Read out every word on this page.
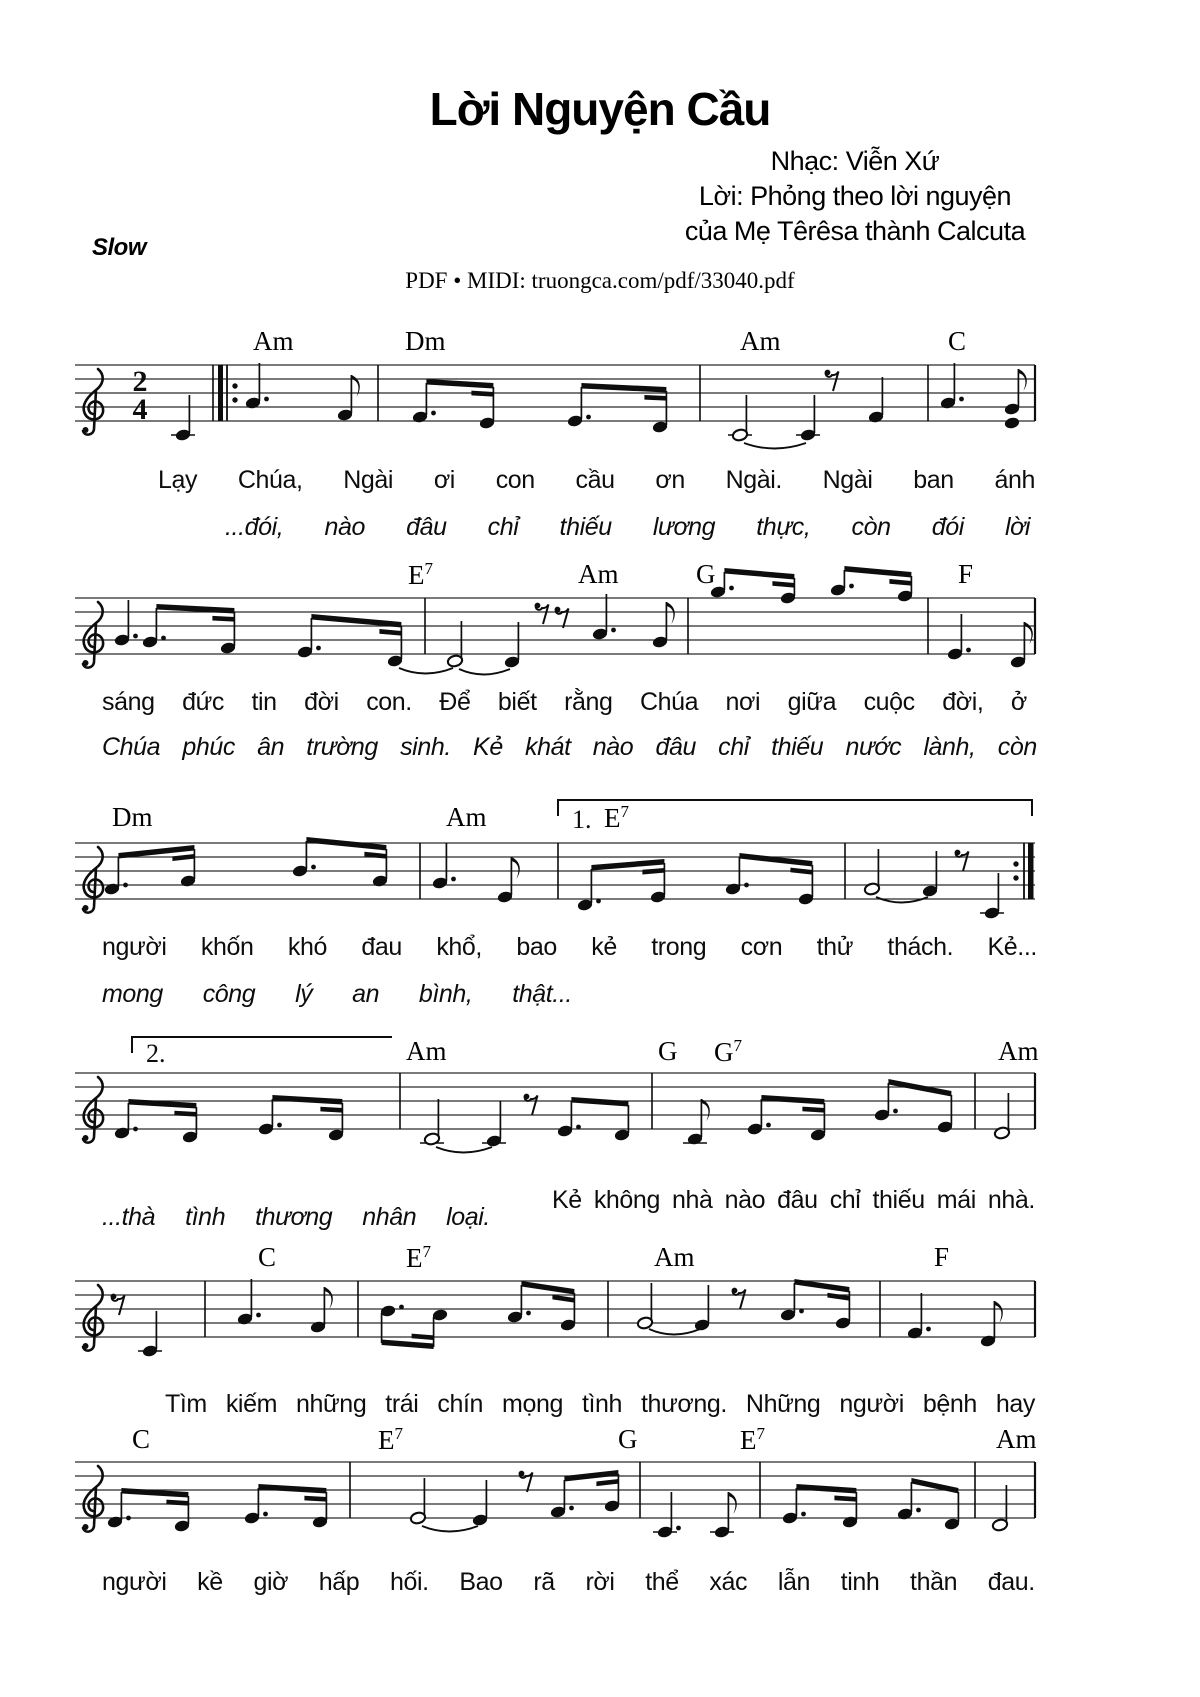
2
4
1.
2.
Lời Nguyện Cầu
Nhạc: Viễn Xứ
Lời: Phỏng theo lời nguyện
của Mẹ Têrêsa thành Calcuta
Slow
PDF • MIDI: truongca.com/pdf/33040.pdf
Am	Dm	Am	C
$E^7$	Am	G	F
Dm	Am	$E^7$
Am	G $G^7$	Am
C	$E^7$	Am	F
C	$E^7$	G	$E^7$	Am
Lạy Chúa, Ngài ơi con cầu ơn Ngài. Ngài ban ánh
...đói, nào đâu chỉ thiếu lương thực, còn đói lời
sáng đức tin đời con. Để biết rằng Chúa nơi giữa cuộc đời, ở
Chúa phúc ân trường sinh. Kẻ khát nào đâu chỉ thiếu nước lành, còn
người khốn khó đau khổ, bao kẻ trong cơn thử thách. Kẻ...
mong công lý an bình, thật...
Kẻ không nhà nào đâu chỉ thiếu mái nhà.
...thà tình thương nhân loại.
Tìm kiếm những trái chín mọng tình thương. Những người bệnh hay
người kề giờ hấp hối. Bao rã rời thể xác lẫn tinh thần đau.
